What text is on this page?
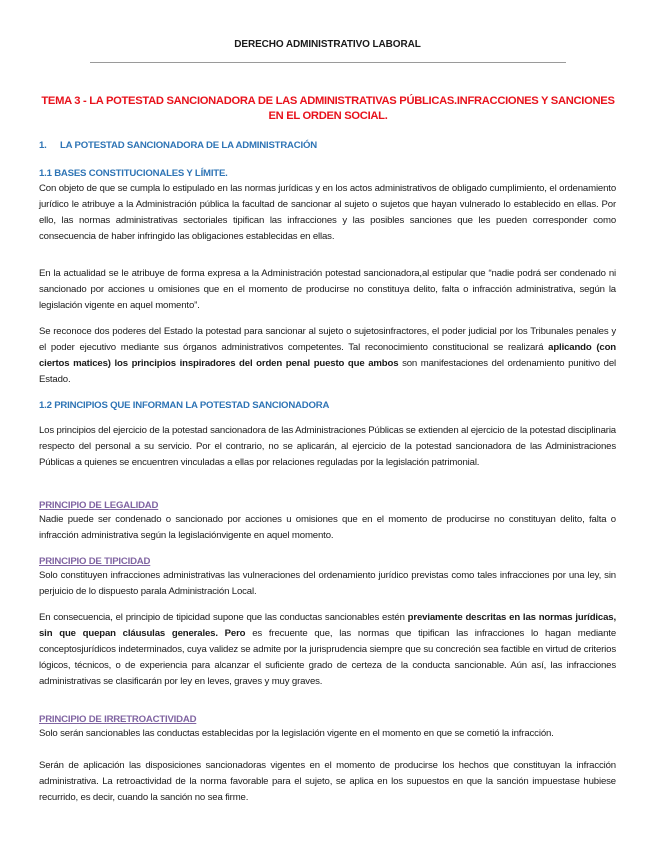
DERECHO ADMINISTRATIVO LABORAL
TEMA 3 - LA POTESTAD SANCIONADORA DE LAS ADMINISTRATIVAS PÚBLICAS.INFRACCIONES Y SANCIONES
EN EL ORDEN SOCIAL.
1. LA POTESTAD SANCIONADORA DE LA ADMINISTRACIÓN
1.1 BASES CONSTITUCIONALES Y LÍMITE.
Con objeto de que se cumpla lo estipulado en las normas jurídicas y en los actos administrativos de obligado cumplimiento, el ordenamiento jurídico le atribuye a la Administración pública la facultad de sancionar al sujeto o sujetos que hayan vulnerado lo establecido en ellas. Por ello, las normas administrativas sectoriales tipifican las infracciones y las posibles sanciones que les pueden corresponder como consecuencia de haber infringido las obligaciones establecidas en ellas.
En la actualidad se le atribuye de forma expresa a la Administración potestad sancionadora,al estipular que “nadie podrá ser condenado ni sancionado por acciones u omisiones que en el momento de producirse no constituya delito, falta o infracción administrativa, según la legislación vigente en aquel momento”.
Se reconoce dos poderes del Estado la potestad para sancionar al sujeto o sujetosinfractores, el poder judicial por los Tribunales penales y el poder ejecutivo mediante sus órganos administrativos competentes. Tal reconocimiento constitucional se realizará aplicando (con ciertos matices) los principios inspiradores del orden penal puesto que ambos son manifestaciones del ordenamiento punitivo del Estado.
1.2 PRINCIPIOS QUE INFORMAN LA POTESTAD SANCIONADORA
Los principios del ejercicio de la potestad sancionadora de las Administraciones Públicas se extienden al ejercicio de la potestad disciplinaria respecto del personal a su servicio. Por el contrario, no se aplicarán, al ejercicio de la potestad sancionadora de las Administraciones Públicas a quienes se encuentren vinculadas a ellas por relaciones reguladas por la legislación patrimonial.
PRINCIPIO DE LEGALIDAD
Nadie puede ser condenado o sancionado por acciones u omisiones que en el momento de producirse no constituyan delito, falta o infracción administrativa según la legislaciónvigente en aquel momento.
PRINCIPIO DE TIPICIDAD
Solo constituyen infracciones administrativas las vulneraciones del ordenamiento jurídico previstas como tales infracciones por una ley, sin perjuicio de lo dispuesto parala Administración Local.
En consecuencia, el principio de tipicidad supone que las conductas sancionables estén previamente descritas en las normas jurídicas, sin que quepan cláusulas generales. Pero es frecuente que, las normas que tipifican las infracciones lo hagan mediante conceptosjurídicos indeterminados, cuya validez se admite por la jurisprudencia siempre que su concreción sea factible en virtud de criterios lógicos, técnicos, o de experiencia para alcanzar el suficiente grado de certeza de la conducta sancionable. Aún así, las infracciones administrativas se clasificarán por ley en leves, graves y muy graves.
PRINCIPIO DE IRRETROACTIVIDAD
Solo serán sancionables las conductas establecidas por la legislación vigente en el momento en que se cometió la infracción.
Serán de aplicación las disposiciones sancionadoras vigentes en el momento de producirse los hechos que constituyan la infracción administrativa. La retroactividad de la norma favorable para el sujeto, se aplica en los supuestos en que la sanción impuestase hubiese recurrido, es decir, cuando la sanción no sea firme.
